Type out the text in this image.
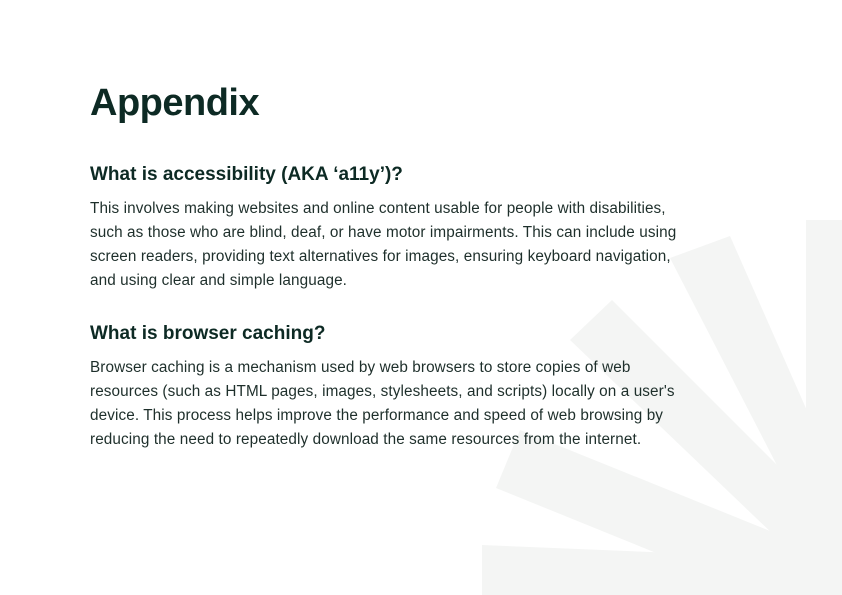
Appendix
What is accessibility (AKA ‘a11y’)?

This involves making websites and online content usable for people with disabilities, such as those who are blind, deaf, or have motor impairments. This can include using screen readers, providing text alternatives for images, ensuring keyboard navigation, and using clear and simple language.

What is browser caching?

Browser caching is a mechanism used by web browsers to store copies of web resources (such as HTML pages, images, stylesheets, and scripts) locally on a user's device. This process helps improve the performance and speed of web browsing by reducing the need to repeatedly download the same resources from the internet.
